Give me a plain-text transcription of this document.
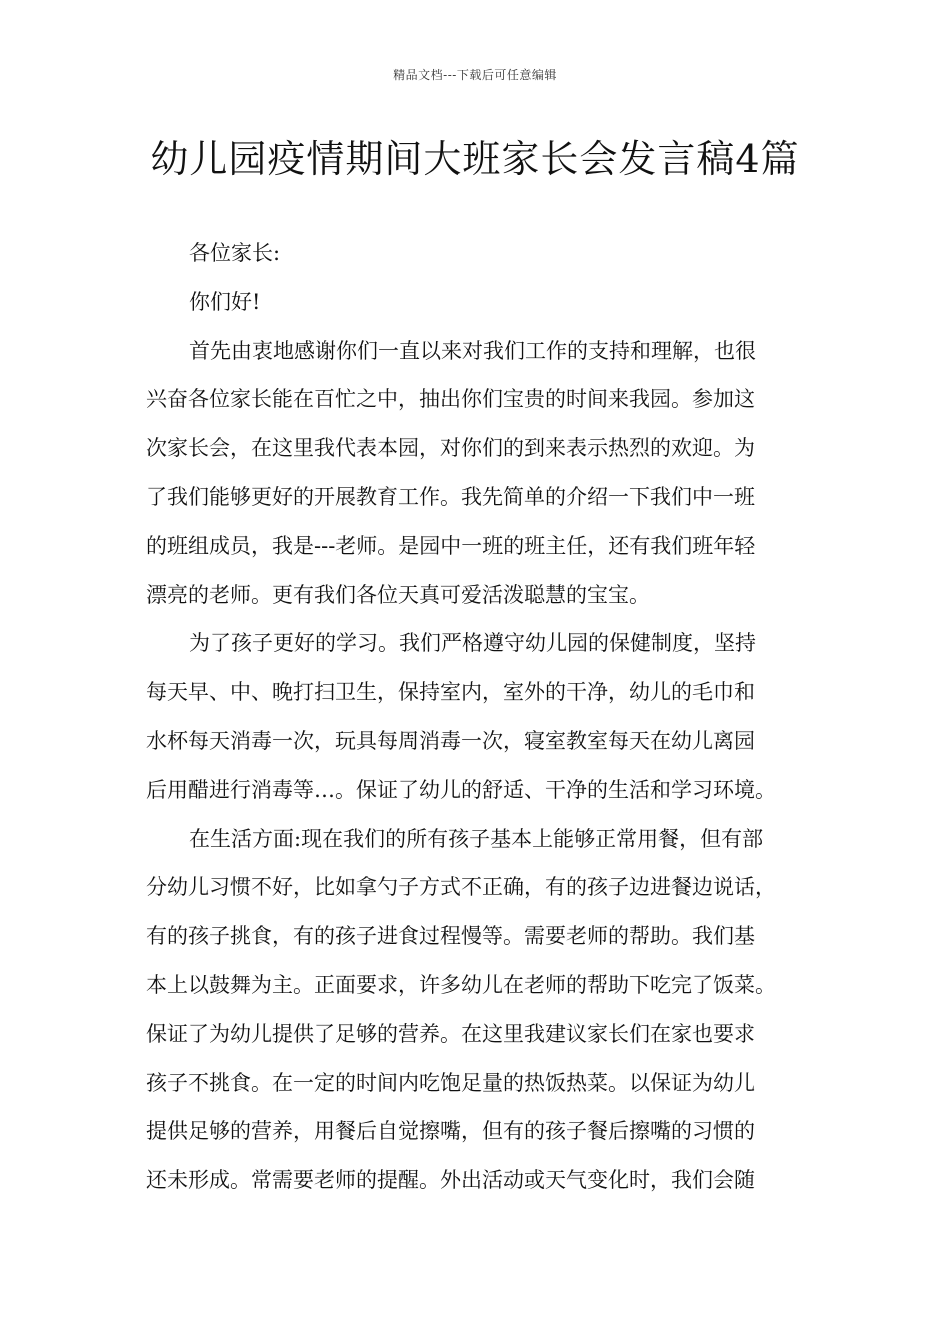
精品文档---下载后可任意编辑
幼儿园疫情期间大班家长会发言稿4篇
各位家长:
你们好!
首先由衷地感谢你们一直以来对我们工作的支持和理解，也很
兴奋各位家长能在百忙之中，抽出你们宝贵的时间来我园。参加这
次家长会，在这里我代表本园，对你们的到来表示热烈的欢迎。为
了我们能够更好的开展教育工作。我先简单的介绍一下我们中一班
的班组成员，我是---老师。是园中一班的班主任，还有我们班年轻
漂亮的老师。更有我们各位天真可爱活泼聪慧的宝宝。
为了孩子更好的学习。我们严格遵守幼儿园的保健制度，坚持
每天早、中、晚打扫卫生，保持室内，室外的干净，幼儿的毛巾和
水杯每天消毒一次，玩具每周消毒一次，寝室教室每天在幼儿离园
后用醋进行消毒等…。保证了幼儿的舒适、干净的生活和学习环境。
在生活方面:现在我们的所有孩子基本上能够正常用餐，但有部
分幼儿习惯不好，比如拿勺子方式不正确，有的孩子边进餐边说话，
有的孩子挑食，有的孩子进食过程慢等。需要老师的帮助。我们基
本上以鼓舞为主。正面要求，许多幼儿在老师的帮助下吃完了饭菜。
保证了为幼儿提供了足够的营养。在这里我建议家长们在家也要求
孩子不挑食。在一定的时间内吃饱足量的热饭热菜。以保证为幼儿
提供足够的营养，用餐后自觉擦嘴，但有的孩子餐后擦嘴的习惯的
还未形成。常需要老师的提醒。外出活动或天气变化时，我们会随
